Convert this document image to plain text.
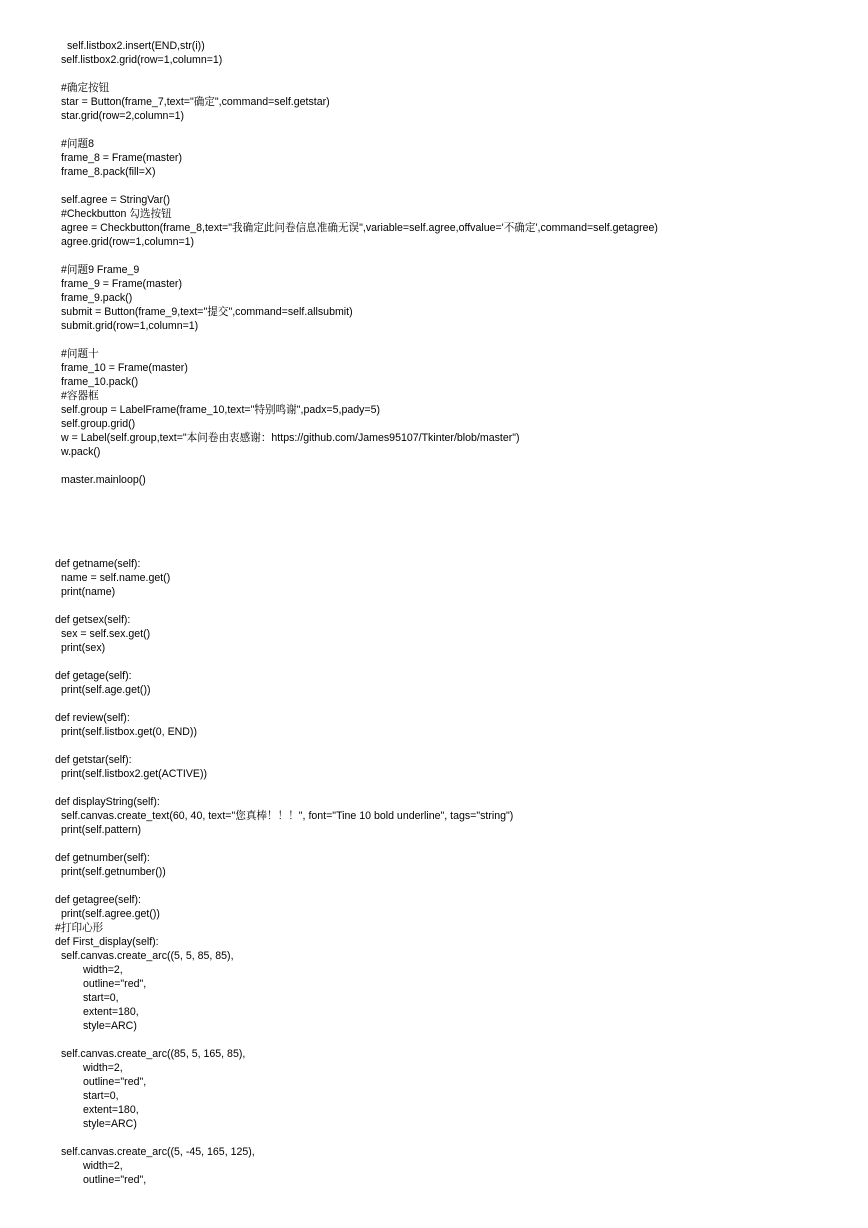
self.listbox2.insert(END,str(i))
self.listbox2.grid(row=1,column=1)
#确定按钮
star = Button(frame_7,text="确定",command=self.getstar)
star.grid(row=2,column=1)
#问题8
frame_8 = Frame(master)
frame_8.pack(fill=X)
self.agree = StringVar()
#Checkbutton 勾选按钮
agree = Checkbutton(frame_8,text="我确定此问卷信息准确无误",variable=self.agree,offvalue='不确定',command=self.getagree)
agree.grid(row=1,column=1)
#问题9 Frame_9
frame_9 = Frame(master)
frame_9.pack()
submit = Button(frame_9,text="提交",command=self.allsubmit)
submit.grid(row=1,column=1)
#问题十
frame_10 = Frame(master)
frame_10.pack()
#容器框
self.group = LabelFrame(frame_10,text="特别鸣谢",padx=5,pady=5)
self.group.grid()
w = Label(self.group,text="本问卷由衷感谢：https://github.com/James95107/Tkinter/blob/master")
w.pack()
master.mainloop()
def getname(self):
name = self.name.get()
print(name)
def getsex(self):
sex = self.sex.get()
print(sex)
def getage(self):
print(self.age.get())
def review(self):
print(self.listbox.get(0, END))
def getstar(self):
print(self.listbox2.get(ACTIVE))
def displayString(self):
self.canvas.create_text(60, 40, text="您真棒！！！", font="Tine 10 bold underline", tags="string")
print(self.pattern)
def getnumber(self):
print(self.getnumber())
def getagree(self):
print(self.agree.get())
#打印心形
def First_display(self):
self.canvas.create_arc((5, 5, 85, 85),
width=2,
outline="red",
start=0,
extent=180,
style=ARC)
self.canvas.create_arc((85, 5, 165, 85),
width=2,
outline="red",
start=0,
extent=180,
style=ARC)
self.canvas.create_arc((5, -45, 165, 125),
width=2,
outline="red",
